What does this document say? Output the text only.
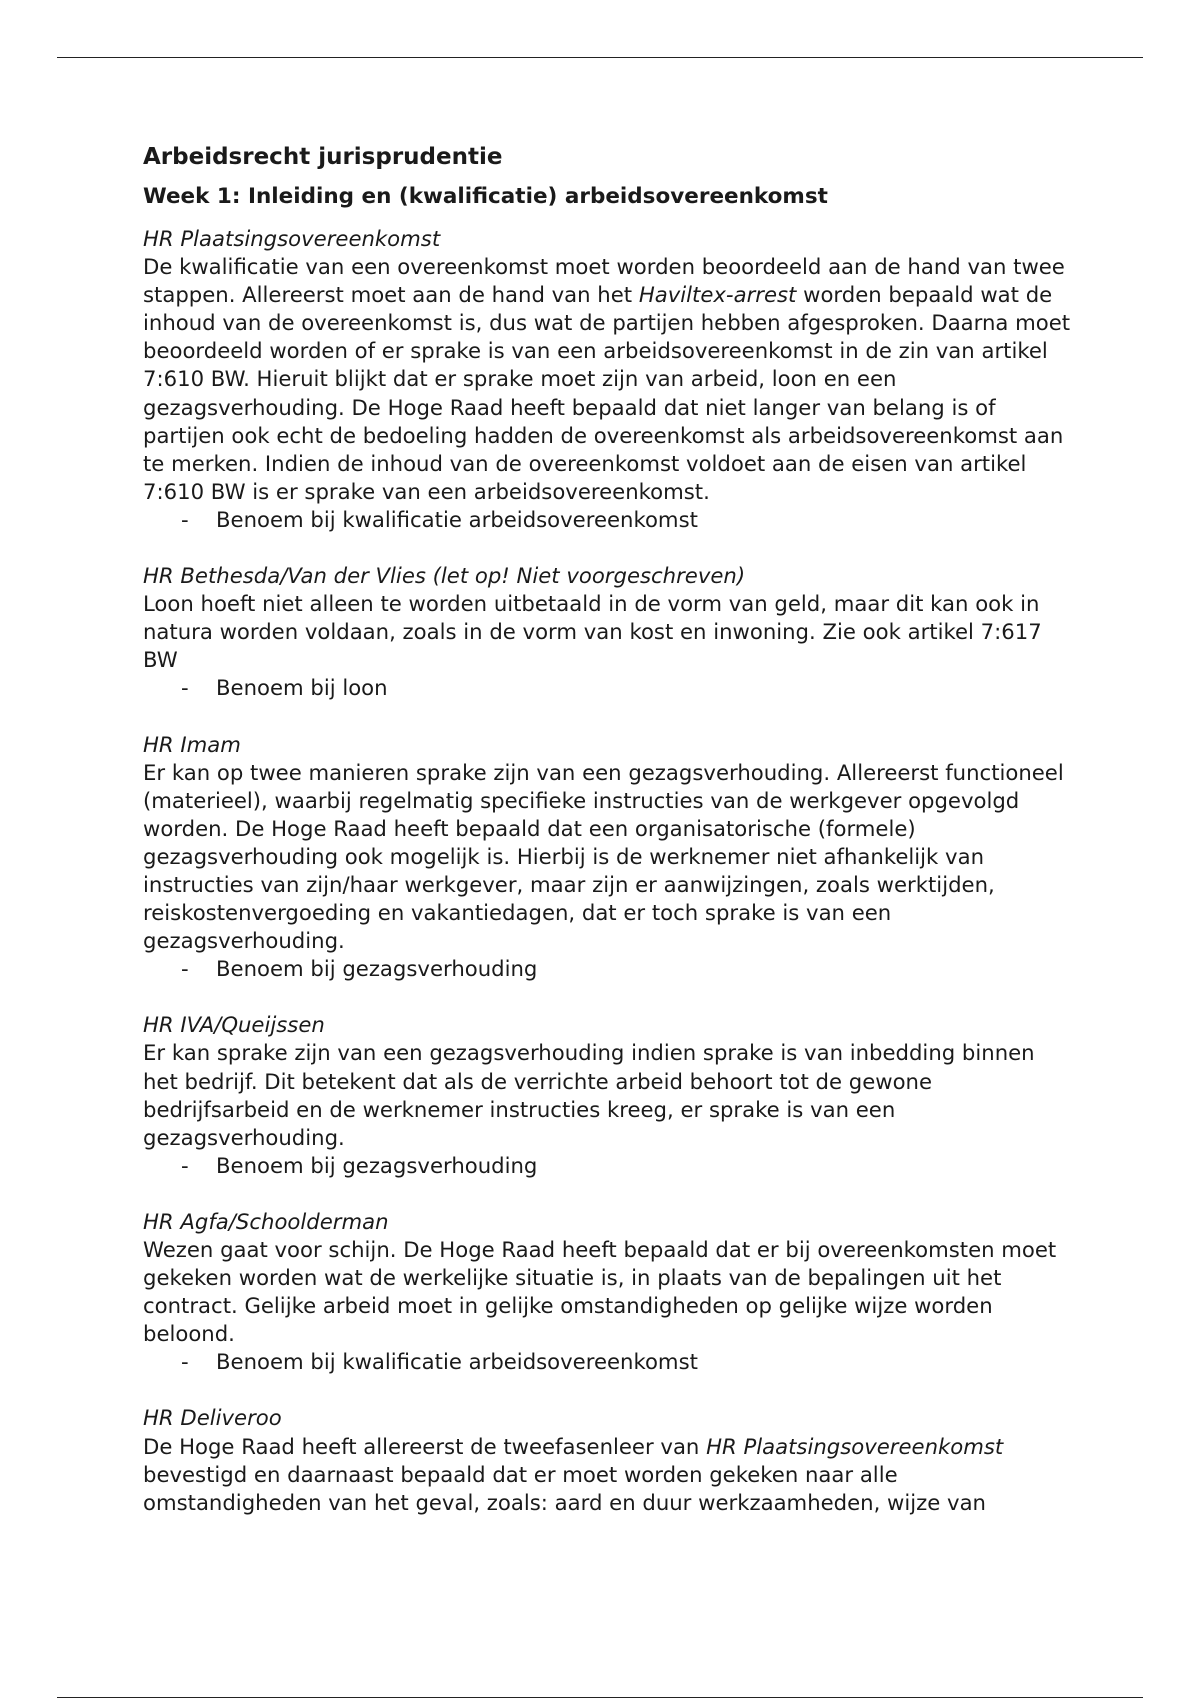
Arbeidsrecht jurisprudentie
Week 1: Inleiding en (kwalificatie) arbeidsovereenkomst
HR Plaatsingsovereenkomst

De kwalificatie van een overeenkomst moet worden beoordeeld aan de hand van twee stappen. Allereerst moet aan de hand van het Haviltex-arrest worden bepaald wat de inhoud van de overeenkomst is, dus wat de partijen hebben afgesproken. Daarna moet beoordeeld worden of er sprake is van een arbeidsovereenkomst in de zin van artikel 7:610 BW. Hieruit blijkt dat er sprake moet zijn van arbeid, loon en een gezagsverhouding. De Hoge Raad heeft bepaald dat niet langer van belang is of partijen ook echt de bedoeling hadden de overeenkomst als arbeidsovereenkomst aan te merken. Indien de inhoud van de overeenkomst voldoet aan de eisen van artikel 7:610 BW is er sprake van een arbeidsovereenkomst.

- Benoem bij kwalificatie arbeidsovereenkomst
HR Bethesda/Van der Vlies (let op! Niet voorgeschreven)

Loon hoeft niet alleen te worden uitbetaald in de vorm van geld, maar dit kan ook in natura worden voldaan, zoals in de vorm van kost en inwoning. Zie ook artikel 7:617 BW

- Benoem bij loon
HR Imam

Er kan op twee manieren sprake zijn van een gezagsverhouding. Allereerst functioneel (materieel), waarbij regelmatig specifieke instructies van de werkgever opgevolgd worden. De Hoge Raad heeft bepaald dat een organisatorische (formele) gezagsverhouding ook mogelijk is. Hierbij is de werknemer niet afhankelijk van instructies van zijn/haar werkgever, maar zijn er aanwijzingen, zoals werktijden, reiskostenvergoeding en vakantiedagen, dat er toch sprake is van een gezagsverhouding.

- Benoem bij gezagsverhouding
HR IVA/Queijssen

Er kan sprake zijn van een gezagsverhouding indien sprake is van inbedding binnen het bedrijf. Dit betekent dat als de verrichte arbeid behoort tot de gewone bedrijfsarbeid en de werknemer instructies kreeg, er sprake is van een gezagsverhouding.

- Benoem bij gezagsverhouding
HR Agfa/Schoolderman

Wezen gaat voor schijn. De Hoge Raad heeft bepaald dat er bij overeenkomsten moet gekeken worden wat de werkelijke situatie is, in plaats van de bepalingen uit het contract. Gelijke arbeid moet in gelijke omstandigheden op gelijke wijze worden beloond.

- Benoem bij kwalificatie arbeidsovereenkomst
HR Deliveroo

De Hoge Raad heeft allereerst de tweefasenleer van HR Plaatsingsovereenkomst bevestigd en daarnaast bepaald dat er moet worden gekeken naar alle omstandigheden van het geval, zoals: aard en duur werkzaamheden, wijze van
